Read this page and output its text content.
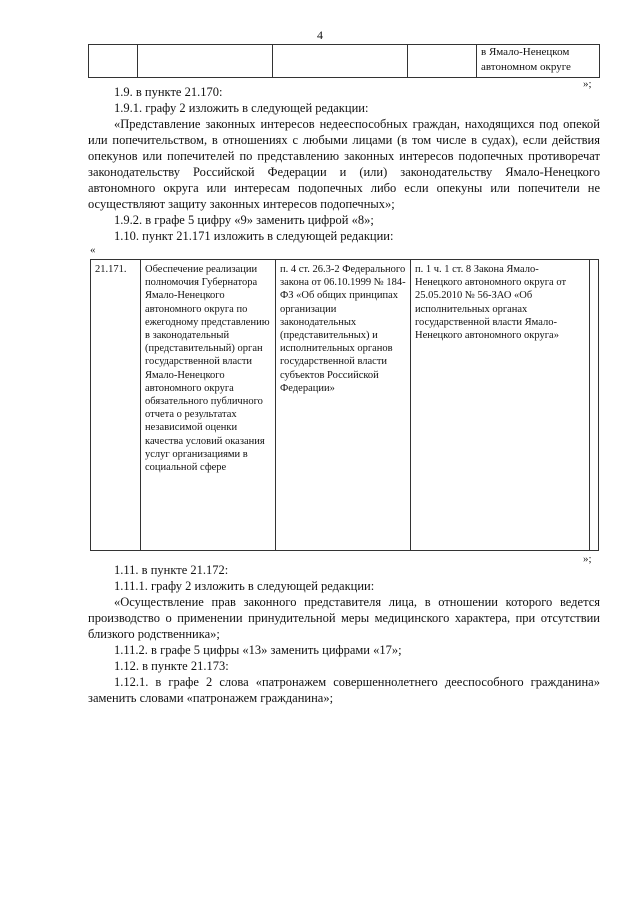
4
				в Ямало-Ненецком автономном округе
»;

1.9. в пункте 21.170:

1.9.1. графу 2 изложить в следующей редакции:

«Представление законных интересов недееспособных граждан, находящихся под опекой или попечительством, в отношениях с любыми лицами (в том числе в судах), если действия опекунов или попечителей по представлению законных интересов подопечных противоречат законодательству Российской Федерации и (или) законодательству Ямало-Ненецкого автономного округа или интересам подопечных либо если опекуны или попечители не осуществляют защиту законных интересов подопечных»;

1.9.2. в графе 5 цифру «9» заменить цифрой «8»;

1.10. пункт 21.171 изложить в следующей редакции:

«
21.171.	Обеспечение реализации полномочия Губернатора Ямало-Ненецкого автономного округа по ежегодному представлению в законодательный (представительный) орган государственной власти Ямало-Ненецкого автономного округа обязательного публичного отчета о результатах независимой оценки качества условий оказания услуг организациями в социальной сфере	п. 4 ст. 26.3-2 Федерального закона от 06.10.1999 № 184-ФЗ «Об общих принципах организации законодательных (представительных) и исполнительных органов государственной власти субъектов Российской Федерации»	п. 1 ч. 1 ст. 8 Закона Ямало-Ненецкого автономного округа от 25.05.2010 № 56-ЗАО «Об исполнительных органах государственной власти Ямало-Ненецкого автономного округа»	
»;

1.11. в пункте 21.172:

1.11.1. графу 2 изложить в следующей редакции:

«Осуществление прав законного представителя лица, в отношении которого ведется производство о применении принудительной меры медицинского характера, при отсутствии близкого родственника»;

1.11.2. в графе 5 цифры «13» заменить цифрами «17»;

1.12. в пункте 21.173:

1.12.1. в графе 2 слова «патронажем совершеннолетнего дееспособного гражданина» заменить словами «патронажем гражданина»;
